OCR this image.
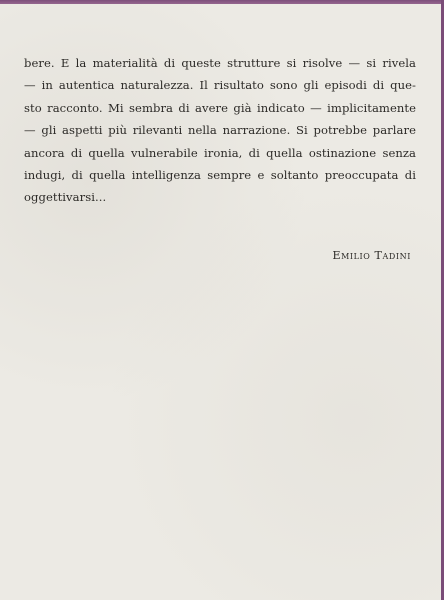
bere. E la materialità di queste strutture si risolve — si rivela
— in autentica naturalezza. Il risultato sono gli episodi di que-
sto racconto. Mi sembra di avere già indicato — implicitamente
— gli aspetti più rilevanti nella narrazione. Si potrebbe parlare
ancora di quella vulnerabile ironia, di quella ostinazione senza
indugi, di quella intelligenza sempre e soltanto preoccupata di
oggettivarsi...

Emilio Tadini
